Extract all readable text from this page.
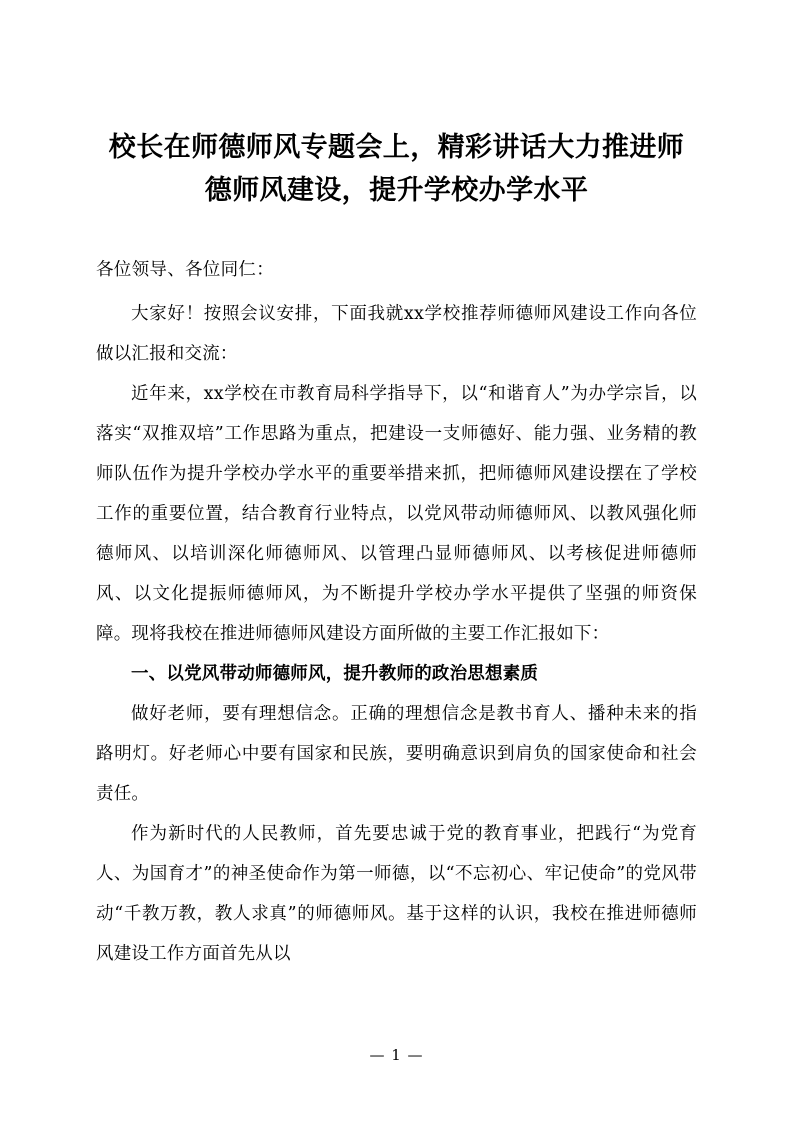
校长在师德师风专题会上，精彩讲话大力推进师德师风建设，提升学校办学水平
各位领导、各位同仁：

大家好！按照会议安排，下面我就xx学校推荐师德师风建设工作向各位做以汇报和交流：

近年来，xx学校在市教育局科学指导下，以“和谐育人”为办学宗旨，以落实“双推双培”工作思路为重点，把建设一支师德好、能力强、业务精的教师队伍作为提升学校办学水平的重要举措来抓，把师德师风建设摆在了学校工作的重要位置，结合教育行业特点，以党风带动师德师风、以教风强化师德师风、以培训深化师德师风、以管理凸显师德师风、以考核促进师德师风、以文化提振师德师风，为不断提升学校办学水平提供了坚强的师资保障。现将我校在推进师德师风建设方面所做的主要工作汇报如下：

一、以党风带动师德师风，提升教师的政治思想素质

做好老师，要有理想信念。正确的理想信念是教书育人、播种未来的指路明灯。好老师心中要有国家和民族，要明确意识到肩负的国家使命和社会责任。

作为新时代的人民教师，首先要忠诚于党的教育事业，把践行“为党育人、为国育才”的神圣使命作为第一师德，以“不忘初心、牢记使命”的党风带动“千教万教，教人求真”的师德师风。基于这样的认识，我校在推进师德师风建设工作方面首先从以

— 1 —
